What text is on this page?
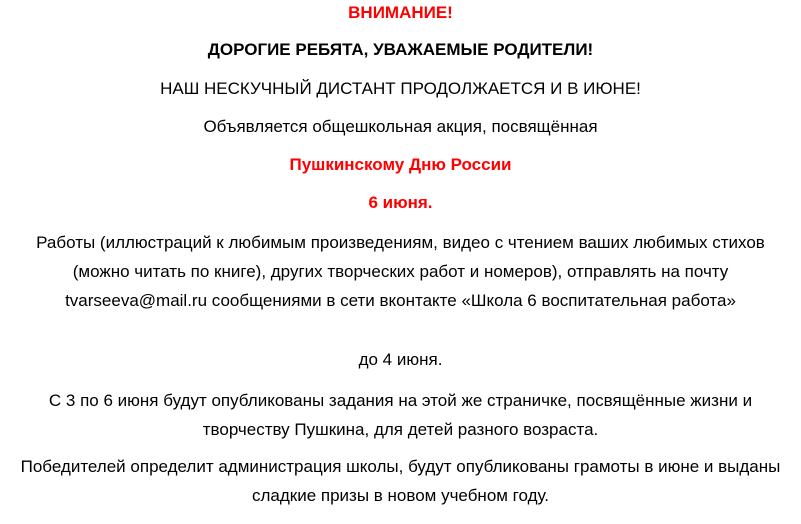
ВНИМАНИЕ!
ДОРОГИЕ РЕБЯТА, УВАЖАЕМЫЕ РОДИТЕЛИ!
НАШ НЕСКУЧНЫЙ ДИСТАНТ ПРОДОЛЖАЕТСЯ И В ИЮНЕ!
Объявляется общешкольная акция, посвящённая
Пушкинскому Дню России
6 июня.
Работы (иллюстраций к любимым произведениям, видео с чтением ваших любимых стихов (можно читать по книге), других творческих работ и номеров), отправлять на почту tvarseeva@mail.ru сообщениями в сети вконтакте «Школа 6 воспитательная работа»
до 4 июня.
С 3 по 6 июня будут опубликованы задания на этой же страничке, посвящённые жизни и творчеству Пушкина, для детей разного возраста.
Победителей определит администрация школы, будут опубликованы грамоты в июне и выданы сладкие призы в новом учебном году.
